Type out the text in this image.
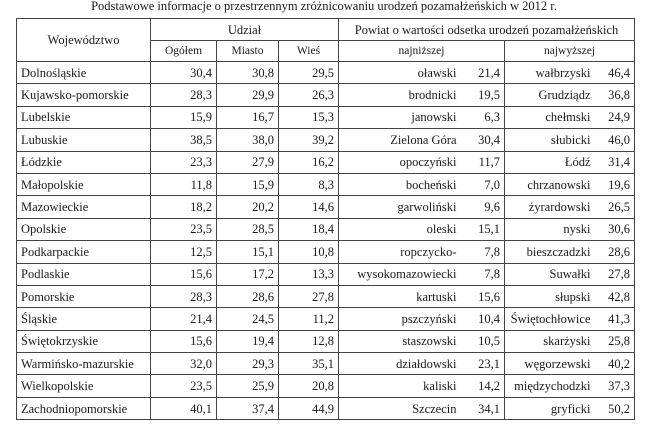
Podstawowe informacje o przestrzennym zróżnicowaniu urodzeń pozamałżeńskich w 2012 r.
Województwo	Udział			Powiat o wartości odsetka urodzeń pozamałżeńskich			
	Ogółem	Miasto	Wieś	najniższej		najwyższej	
Dolnośląskie	30,4	30,8	29,5	oławski	21,4	wałbrzyski	46,4
Kujawsko-pomorskie	28,3	29,9	26,3	brodnicki	19,5	Grudziądz	36,8
Lubelskie	15,9	16,7	15,3	janowski	6,3	chełmski	24,9
Lubuskie	38,5	38,0	39,2	Zielona Góra	30,4	słubicki	46,0
Łódzkie	23,3	27,9	16,2	opoczyński	11,7	Łódź	31,4
Małopolskie	11,8	15,9	8,3	bocheński	7,0	chrzanowski	19,6
Mazowieckie	18,2	20,2	14,6	garwoliński	9,6	żyrardowski	26,5
Opolskie	23,5	28,5	18,4	oleski	15,1	nyski	30,6
Podkarpackie	12,5	15,1	10,8	ropczycko-	7,8	bieszczadzki	28,6
Podlaskie	15,6	17,2	13,3	wysokomazowiecki	7,8	Suwałki	27,8
Pomorskie	28,3	28,6	27,8	kartuski	15,6	słupski	42,8
Śląskie	21,4	24,5	11,2	pszczyński	10,4	Świętochłowice	41,3
Świętokrzyskie	15,6	19,4	12,8	staszowski	10,5	skarżyski	25,8
Warmińsko-mazurskie	32,0	29,3	35,1	działdowski	23,1	węgorzewski	40,2
Wielkopolskie	23,5	25,9	20,8	kaliski	14,2	międzychodzki	37,3
Zachodniopomorskie	40,1	37,4	44,9	Szczecin	34,1	gryficki	50,2
